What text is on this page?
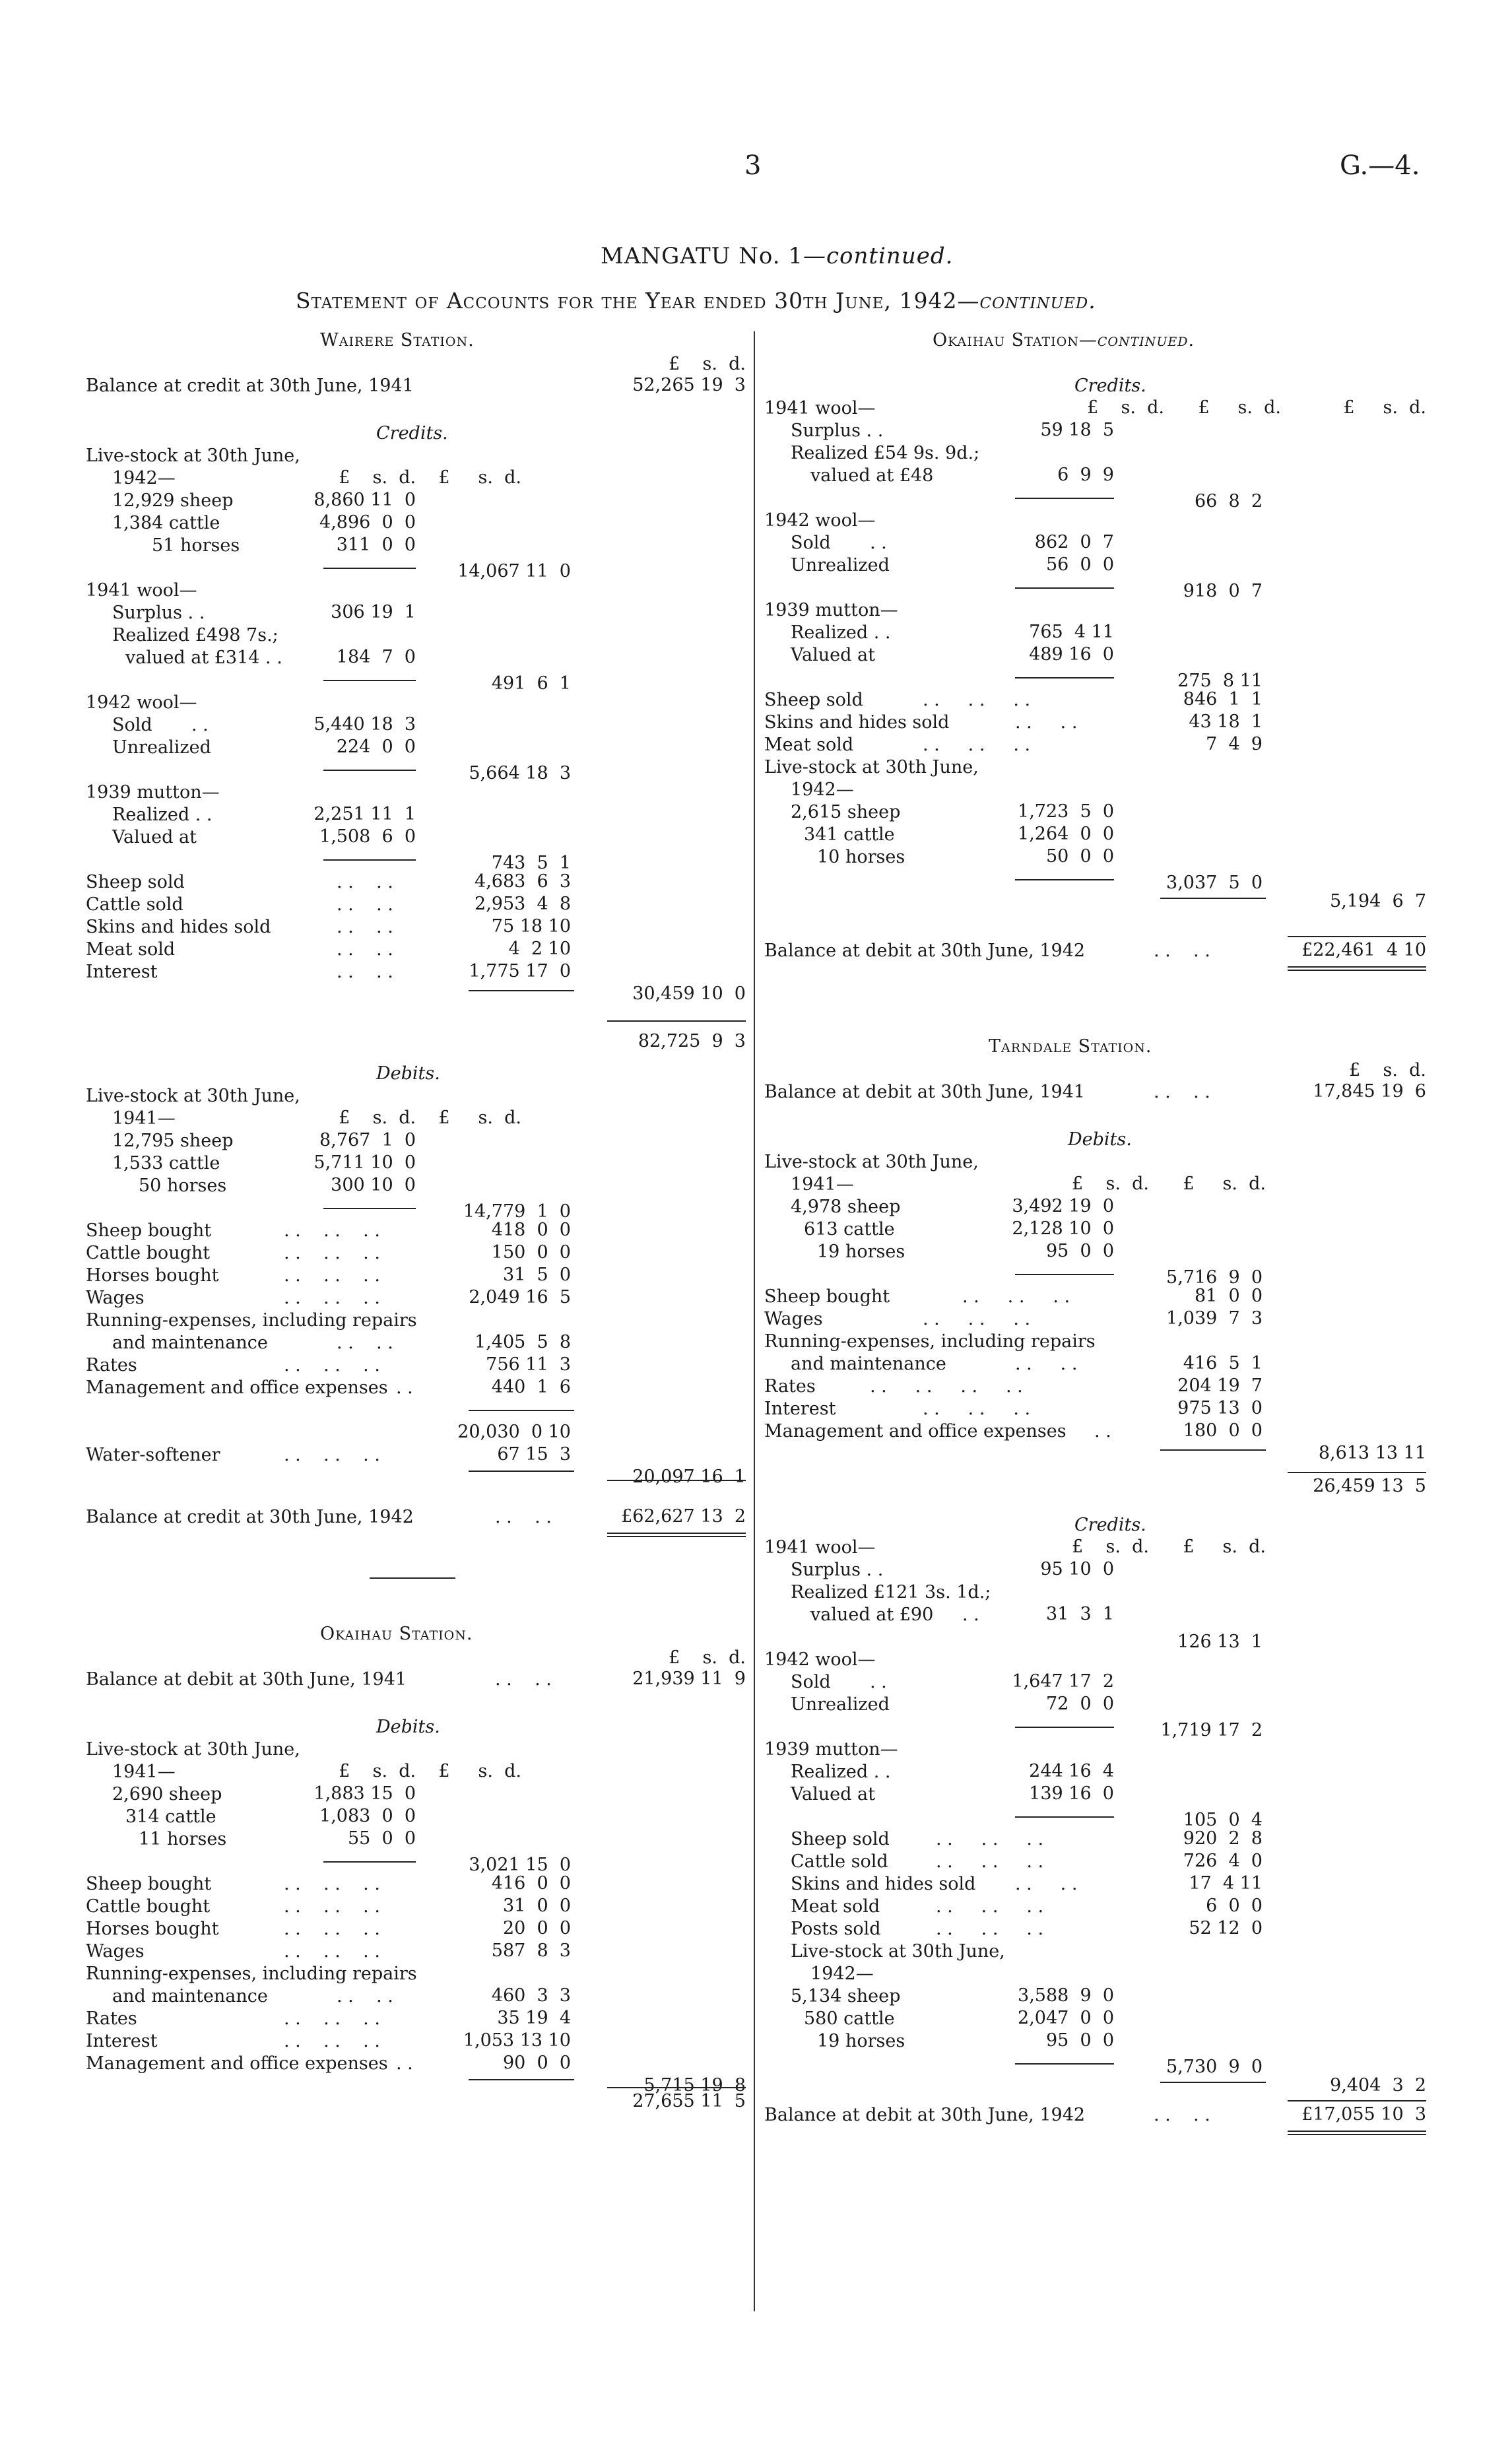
3	G.—4.
MANGATU No. 1—continued.
Statement of Accounts for the Year ended 30th June, 1942—continued.
Wairere Station.
£ s. d.
Balance at credit at 30th June, 1941	52,265 19  3
Credits.
Live-stock at 30th June,
1942—	£    s.  d.    £     s.  d.
12,929 sheep	8,860 11  0
1,384 cattle	4,896  0  0
51 horses	311  0  0
14,067 11  0
1941 wool—
Surplus . .	306 19  1
Realized £498 7s.;
valued at £314 . .	184  7  0
491  6  1
1942 wool—
Sold . .	5,440 18  3
Unrealized	224  0  0
5,664 18  3
1939 mutton—
Realized . .	2,251 11  1
Valued at	1,508  6  0
743  5  1
Sheep sold	. .    . .	4,683  6  3
Cattle sold	. .    . .	2,953  4  8
Skins and hides sold	. .    . .	75 18 10
Meat sold	. .    . .	4  2 10
Interest	. .    . .	1,775 17  0
30,459 10  0
82,725  9  3
Debits.
Live-stock at 30th June,
1941—	£    s.  d.    £     s.  d.
12,795 sheep	8,767  1  0
1,533 cattle	5,711 10  0
50 horses	300 10  0
14,779  1  0
Sheep bought	. .    . .    . .	418  0  0
Cattle bought	. .    . .    . .	150  0  0
Horses bought	. .    . .    . .	31  5  0
Wages	. .    . .    . .	2,049 16  5
Running-expenses, including repairs
and maintenance	. .    . .	1,405  5  8
Rates	. .    . .    . .	756 11  3
Management and office expenses . .	440  1  6
20,030  0 10
Water-softener	. .    . .    . .	67 15  3
20,097 16  1
Balance at credit at 30th June, 1942	. .    . .	£62,627 13  2
Okaihau Station.
£    s.  d.
Balance at debit at 30th June, 1941	. .    . .	21,939 11  9
Debits.
Live-stock at 30th June,
1941—	£    s.  d.    £     s.  d.
2,690 sheep	1,883 15  0
314 cattle	1,083  0  0
11 horses	55  0  0
3,021 15  0
Sheep bought	. .    . .    . .	416  0  0
Cattle bought	. .    . .    . .	31  0  0
Horses bought	. .    . .    . .	20  0  0
Wages	. .    . .    . .	587  8  3
Running-expenses, including repairs
and maintenance	. .    . .	460  3  3
Rates	. .    . .    . .	35 19  4
Interest	. .    . .    . .	1,053 13 10
Management and office expenses . .	90  0  0
5,715 19  8
27,655 11  5
Okaihau Station—continued.
Credits.
£    s.  d.      £     s.  d.           £     s.  d.
1941 wool—
Surplus . .	59 18  5
Realized £54 9s. 9d.;
valued at £48	6  9  9
66  8  2
1942 wool—
Sold . .	862  0  7
Unrealized	56  0  0
918  0  7
1939 mutton—
Realized . .	765  4 11
Valued at	489 16  0
275  8 11
Sheep sold	. .     . .     . .	846  1  1
Skins and hides sold	. .     . .	43 18  1
Meat sold	. .     . .     . .	7  4  9
Live-stock at 30th June,
1942—
2,615 sheep	1,723  5  0
341 cattle	1,264  0  0
10 horses	50  0  0
3,037  5  0
5,194  6  7
Balance at debit at 30th June, 1942	. .    . .	£22,461  4 10
Tarndale Station.
£    s.  d.
Balance at debit at 30th June, 1941	. .    . .	17,845 19  6
Debits.
Live-stock at 30th June,
1941—	£    s.  d.      £     s.  d.
4,978 sheep	3,492 19  0
613 cattle	2,128 10  0
19 horses	95  0  0
5,716  9  0
Sheep bought	. .     . .     . .	81  0  0
Wages	. .     . .     . .	1,039  7  3
Running-expenses, including repairs
and maintenance	. .     . .	416  5  1
Rates	. .     . .     . .     . .	204 19  7
Interest	. .     . .     . .	975 13  0
Management and office expenses . .	180  0  0
8,613 13 11
26,459 13  5
Credits.
£    s.  d.      £     s.  d.
1941 wool—
Surplus . .	95 10  0
Realized £121 3s. 1d.;
valued at £90 . .	31  3  1
126 13  1
1942 wool—
Sold . .	1,647 17  2
Unrealized	72  0  0
1,719 17  2
1939 mutton—
Realized . .	244 16  4
Valued at	139 16  0
105  0  4
Sheep sold	. .     . .     . .	920  2  8
Cattle sold	. .     . .     . .	726  4  0
Skins and hides sold . .     . .	17  4 11
Meat sold	. .     . .     . .	6  0  0
Posts sold	. .     . .     . .	52 12  0
Live-stock at 30th June,
1942—
5,134 sheep	3,588  9  0
580 cattle	2,047  0  0
19 horses	95  0  0
5,730  9  0
9,404  3  2
Balance at debit at 30th June, 1942	. .    . .	£17,055 10  3
